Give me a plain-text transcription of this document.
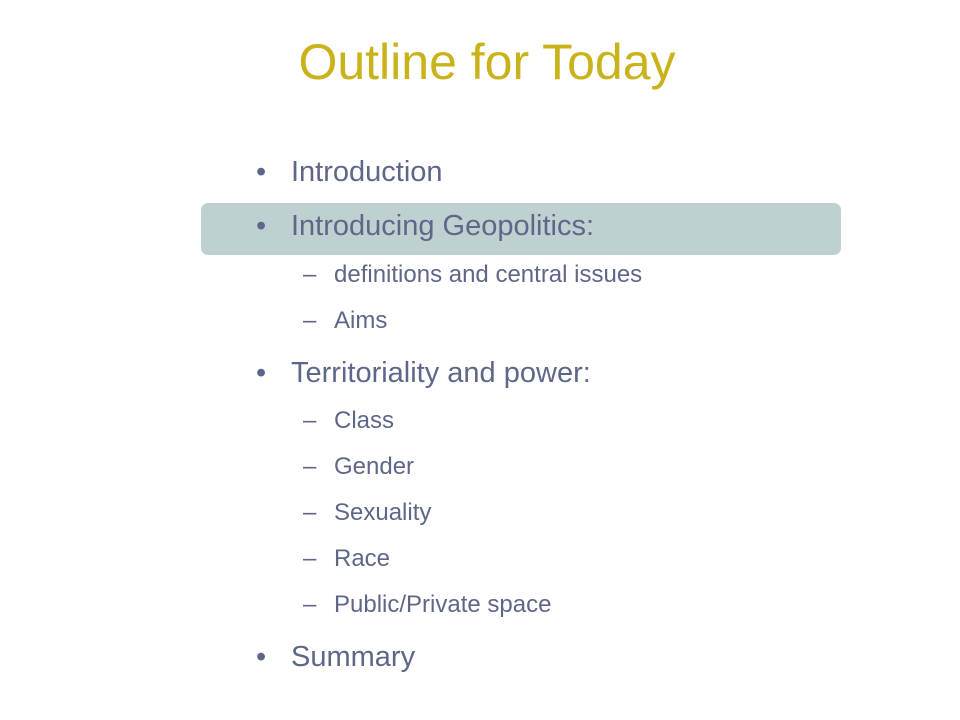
Outline for Today
• Introduction
• Introducing Geopolitics:
– definitions and central issues
– Aims
• Territoriality and power:
– Class
– Gender
– Sexuality
– Race
– Public/Private space
• Summary
